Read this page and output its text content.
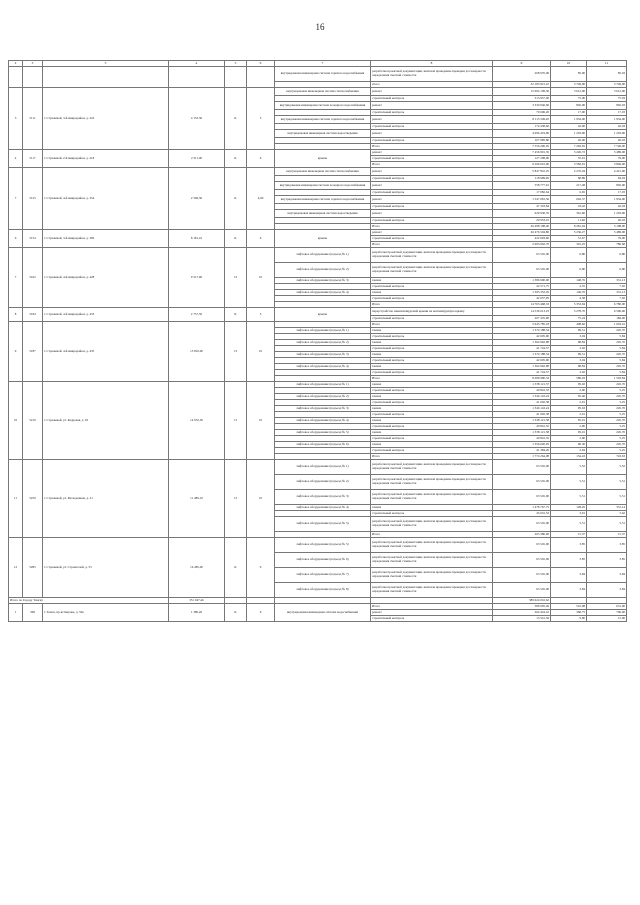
16
2	3	5	4	5	6	7	8	9	10	11
						внутридомовая инженерная система горячего водоснабжения	разработка проектной документации, включая проведение проверки достоверности определения сметной стоимости	208 970,00	85,00	85,03
							итого	32 183 921,10	3 749,00	3 749,00
3	5111	г. Стрежевой, 3-й микрорайон, д. 222	4 153,30	К	5	внутридомовая инженерная система теплоснабжения	ремонт	15 004 109,30	3 612,00	3 612,00
							строительный контроль	313 957,00	75,00	75,03
						внутридомовая инженерная система холодного водоснабжения	ремонт	3 330 946,60	802,00	802,03
							строительный контроль	70 606,20	17,00	17,03
						внутридомовая инженерная система горячего водоснабжения	ремонт	8 115 549,20	1 954,00	1 954,00
							строительный контроль	174 438,60	42,00	42,03
						внутридомовая инженерная система водоотведения	ремонт	4 996 419,90	1 203,00	1 203,00
							строительный контроль	107 985,80	26,00	26,03
							Итого	7 556 200,05	7 292,65	7 746,00
4	5117	г. Стрежевой, 2-й микрорайон, д. 218	2 311,00	К	9	крыша	ремонт	7 456 991,35	3 226,72	3 489,00
							строительный контроль	127 208,00	55,91	79,00
							Итого	9 266 001,00	3 582,91	3 849,00
7	5125	г. Стрежевой, 4-й микрорайон, д. 254	2 569,30	К	4,00	внутридомовая инженерная система теплоснабжения	ремонт	5 847 810,25	2 276,04	4 421,00
							строительный контроль	118 999,06	68,89	94,03
						внутридомовая инженерная система холодного водоснабжения	ремонт	558 777,91	217,48	802,00
							строительный контроль	17 082,64	6,65	17,03
						внутридомовая инженерная система горячего водоснабжения	ремонт	1 547 681,56	602,37	1 954,00
							строительный контроль	47 318,84	18,42	42,03
						внутридомовая инженерная система водоотведения	ремонт	929 936,76	361,60	1 203,00
							строительный контроль	29 953,01	11,66	26,03
							Итого	26 498 198,40	8 281,94	3 108,00
6	5154	г. Стрежевой, 3-й микрорайон, д. 306	8 181,10	К	9	крыша	ремонт	26 476 504,80	3 236,27	3 489,00
							строительный контроль	422 693,60	51,67	79,00
							Итого	2 993 062,70	301,25	786,68
7	5162	г. Стрежевой, 4-й микрорайон, д. 428	9 517,00	П	10	лифтовое оборудование (подъезд № 1)	разработка проектной документации, включая проведение проверки достоверности определения сметной стоимости	63 545,00	6,80	6,80
						лифтовое оборудование (подъезд № 2)	разработка проектной документации, включая проведение проверки достоверности определения сметной стоимости	63 545,00	6,80	6,80
						лифтовое оборудование (подъезд № 3)	замена	1 386 990,00	148,76	331,13
							строительный контроль	42 571,75	4,55	7,92
						лифтовое оборудование (подъезд № 4)	замена	1 393 352,05	149,76	331,13
							строительный контроль	42 657,95	4,58	7,92
							Итого	14 763 468,33	5 353,94	6 780,00
8	5184	г. Стрежевой, 4-й микрорайон, д. 433	2 757,50	К	5	крыша	переустройство невентилируемой крыши на вентилируемую крышу	14 536 013,23	5 278,70	6 596,00
							строительный контроль	207 476,90	75,24	184,00
9	5187	г. Стрежевой, 4-й микрорайон, д. 435	13 810,00	П	10		Итого	5 645 785,18	408,82	1 003,16
						лифтовое оборудование (подъезд № 1)	замена	1 374 188,34	99,51	245,70
							строительный контроль	42 605,90	3,04	5,84
						лифтовое оборудование (подъезд № 2)	замена	1 364 962,98	98,84	245,70
							строительный контроль	41 724,57	3,02	5,84
						лифтовое оборудование (подъезд № 3)	замена	1 374 188,34	99,51	245,70
							строительный контроль	42 605,90	3,04	5,84
						лифтовое оборудование (подъезд № 4)	замена	1 364 962,98	98,84	245,70
							строительный контроль	41 724,57	3,02	5,84
							Итого	8 289 990,33	589,93	1 503,84
10	5210	г. Стрежевой, ул. Кедровая, д. 65	14 052,50	П	10	лифтовое оборудование (подъезд № 1)	замена	1 338 121,57	95,02	245,70
							строительный контроль	40 816,33	2,90	5,25
						лифтовое оборудование (подъезд № 2)	замена	1 346 143,24	95,46	245,70
							строительный контроль	41 092,38	2,91	5,25
						лифтовое оборудование (подъезд № 3)	замена	1 346 143,24	95,63	245,70
							строительный контроль	41 092,38	2,91	5,25
						лифтовое оборудование (подъезд № 4)	замена	1 338 121,58	95,01	245,70
							строительный контроль	40 816,35	2,90	5,25
						лифтовое оборудование (подъезд № 5)	замена	1 338 121,58	95,01	245,70
							строительный контроль	40 816,35	2,90	5,25
						лифтовое оборудование (подъезд № 6)	замена	1 356 620,95	96,30	245,70
							строительный контроль	41 384,20	2,94	5,25
							Итого	1 774 264,08	154,43	743,63
11	5250	г. Стрежевой, ул. Молодежная, д. 21	11 489,10	П	10	лифтовое оборудование (подъезд № 1)	разработка проектной документации, включая проведение проверки достоверности определения сметной стоимости	63 545,00	5,52	5,52
						лифтовое оборудование (подъезд № 2)	разработка проектной документации, включая проведение проверки достоверности определения сметной стоимости	63 545,00	5,51	5,51
						лифтовое оборудование (подъезд № 3)	разработка проектной документации, включая проведение проверки достоверности определения сметной стоимости	63 545,00	5,51	5,51
						лифтовое оборудование (подъезд № 4)	замена	1 478 767,75	128,45	331,14
							строительный контроль	45 016,53	3,91	5,62
						лифтовое оборудование (подъезд № 5)	разработка проектной документации, включая проведение проверки достоверности определения сметной стоимости	63 545,00	5,51	5,51
							Итого	263 380,00	15,37	15,37
12	5285	г. Стрежевой, ул. Строителей, д. 53	16 485,00	К	9	лифтовое оборудование (подъезд № 5)	разработка проектной документации, включая проведение проверки достоверности определения сметной стоимости	63 545,00	3,85	3,85
						лифтовое оборудование (подъезд № 6)	разработка проектной документации, включая проведение проверки достоверности определения сметной стоимости	63 545,00	3,85	3,85
						лифтовое оборудование (подъезд № 7)	разработка проектной документации, включая проведение проверки достоверности определения сметной стоимости	63 545,00	3,84	3,84
						лифтовое оборудование (подъезд № 8)	разработка проектной документации, включая проведение проверки достоверности определения сметной стоимости	63 545,00	3,84	3,84
Итого по Городу Томску			351 047,46					589 624 016,62		
1	399	г. Томск, пр-кт Кирова, д. 59а	1 380,20	К	6	внутридомовая инженерная система водоснабжения	Итого	586 905,49	516,08	631,00
							ремонт	264 424,10	368,75	706,00
							строительный контроль	13 541,59	9,80	15,00
